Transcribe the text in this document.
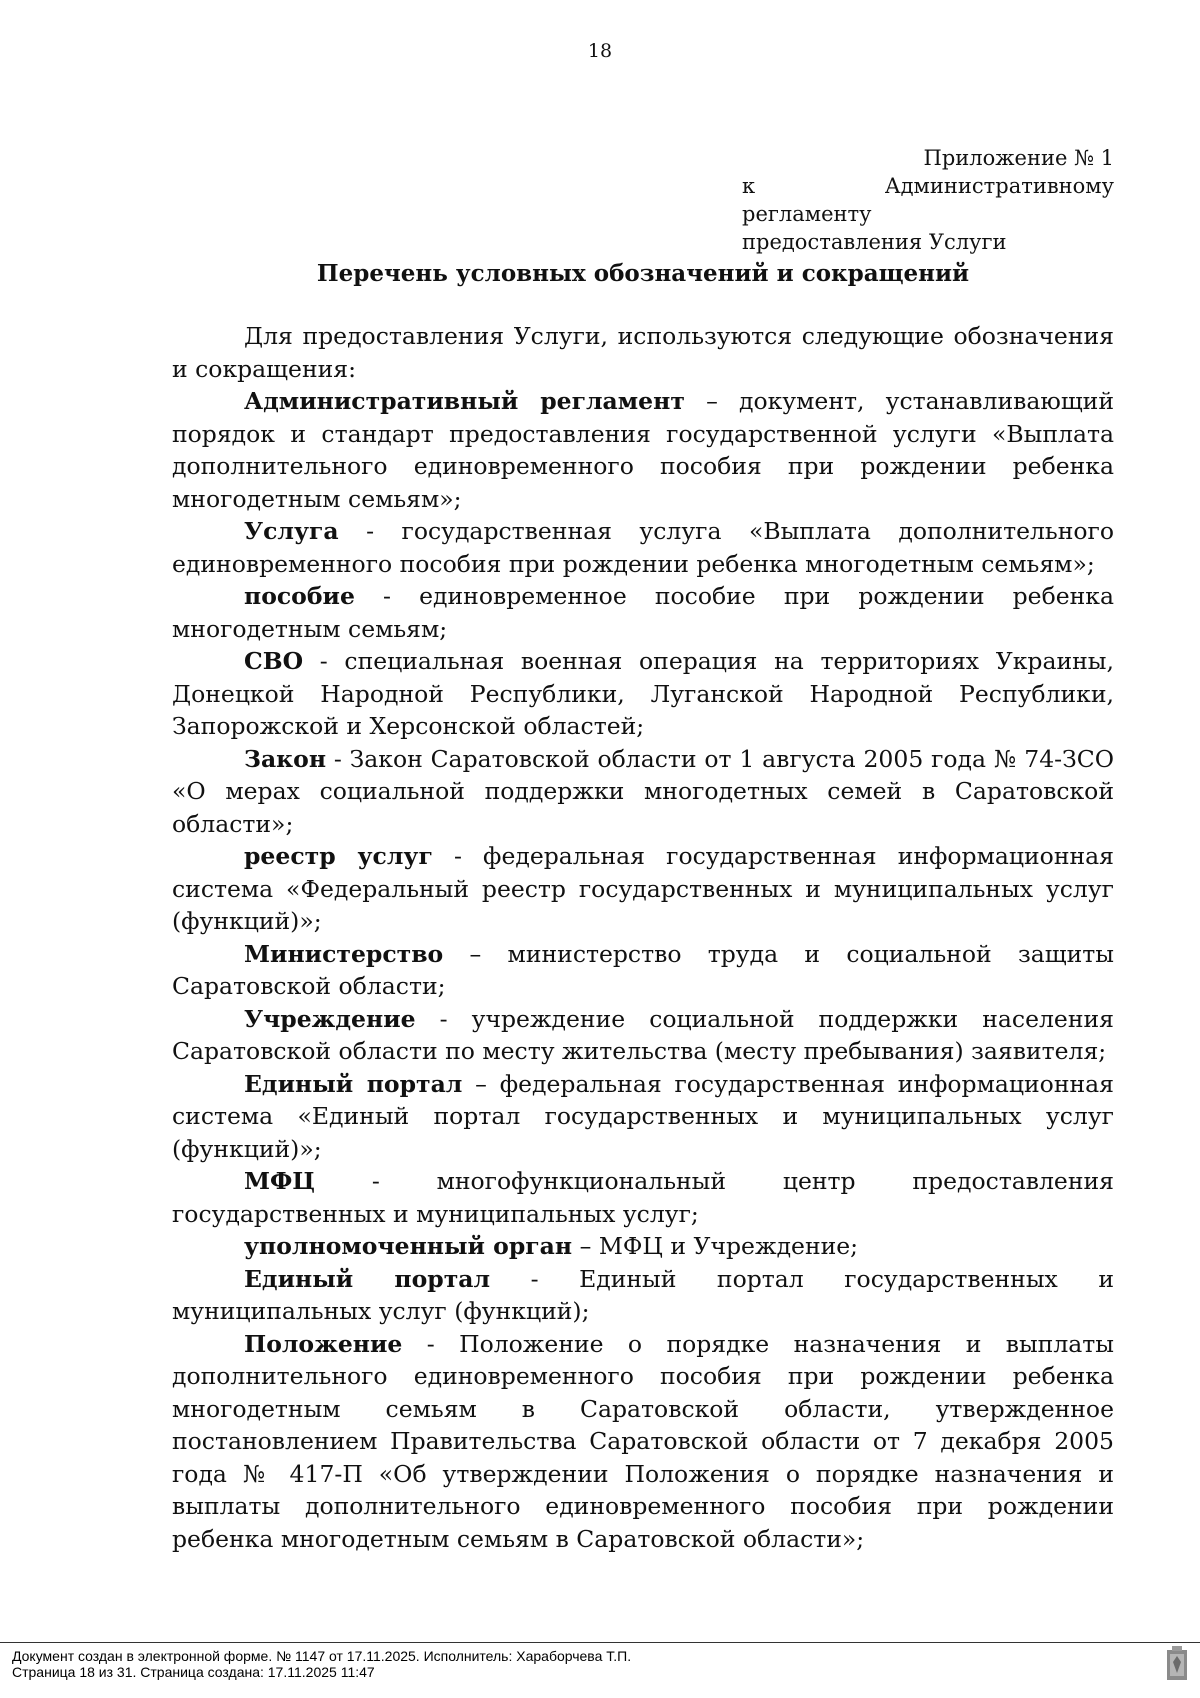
18
Приложение № 1
к Административному регламенту
предоставления Услуги
Перечень условных обозначений и сокращений

Для предоставления Услуги, используются следующие обозначения и сокращения:

Административный регламент – документ, устанавливающий порядок и стандарт предоставления государственной услуги «Выплата дополнительного единовременного пособия при рождении ребенка многодетным семьям»;

Услуга - государственная услуга «Выплата дополнительного единовременного пособия при рождении ребенка многодетным семьям»;

пособие - единовременное пособие при рождении ребенка многодетным семьям;

СВО - специальная военная операция на территориях Украины, Донецкой Народной Республики, Луганской Народной Республики, Запорожской и Херсонской областей;

Закон - Закон Саратовской области от 1 августа 2005 года № 74-ЗСО «О мерах социальной поддержки многодетных семей в Саратовской области»;

реестр услуг - федеральная государственная информационная система «Федеральный реестр государственных и муниципальных услуг (функций)»;

Министерство – министерство труда и социальной защиты Саратовской области;

Учреждение - учреждение социальной поддержки населения Саратовской области по месту жительства (месту пребывания) заявителя;

Единый портал – федеральная государственная информационная система «Единый портал государственных и муниципальных услуг (функций)»;

МФЦ - многофункциональный центр предоставления государственных и муниципальных услуг;

уполномоченный орган – МФЦ и Учреждение;

Единый портал - Единый портал государственных и муниципальных услуг (функций);

Положение - Положение о порядке назначения и выплаты дополнительного единовременного пособия при рождении ребенка многодетным семьям в Саратовской области, утвержденное постановлением Правительства Саратовской области от 7 декабря 2005 года № 417-П «Об утверждении Положения о порядке назначения и выплаты дополнительного единовременного пособия при рождении ребенка многодетным семьям в Саратовской области»;

Документ создан в электронной форме. № 1147 от 17.11.2025. Исполнитель: Хараборчева Т.П.
Страница 18 из 31. Страница создана: 17.11.2025 11:47
